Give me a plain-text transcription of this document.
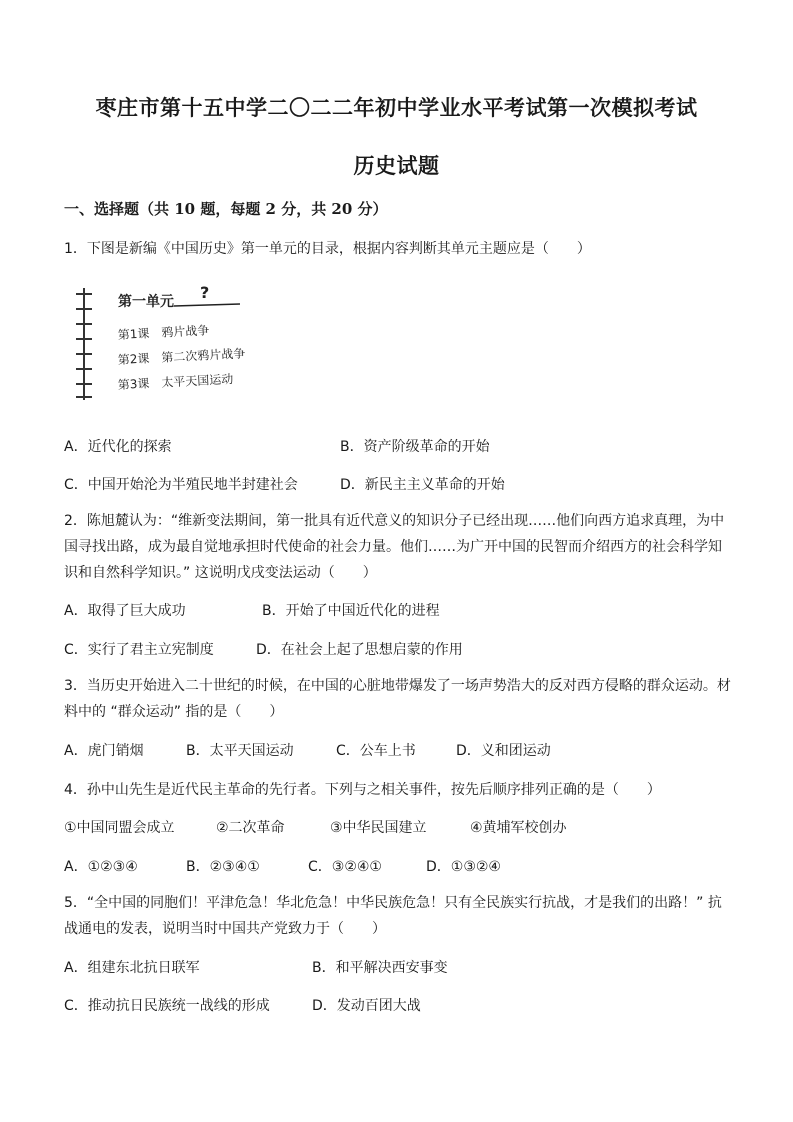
枣庄市第十五中学二〇二二年初中学业水平考试第一次模拟考试
历史试题
一、选择题（共 10 题，每题 2 分，共 20 分）
1．下图是新编《中国历史》第一单元的目录，根据内容判断其单元主题应是（　　）
第一单元 ?
第1课　鸦片战争
第2课　第二次鸦片战争
第3课　太平天国运动
A．近代化的探索	B．资产阶级革命的开始
C．中国开始沦为半殖民地半封建社会	D．新民主主义革命的开始
2．陈旭麓认为：“维新变法期间，第一批具有近代意义的知识分子已经出现……他们向西方追求真理，为中国寻找出路，成为最自觉地承担时代使命的社会力量。他们……为广开中国的民智而介绍西方的社会科学知识和自然科学知识。” 这说明戊戌变法运动（　　）
A．取得了巨大成功	B．开始了中国近代化的进程
C．实行了君主立宪制度	D．在社会上起了思想启蒙的作用
3．当历史开始进入二十世纪的时候，在中国的心脏地带爆发了一场声势浩大的反对西方侵略的群众运动。材料中的 “群众运动” 指的是（　　）
A．虎门销烟	B．太平天国运动	C．公车上书	D．义和团运动
4．孙中山先生是近代民主革命的先行者。下列与之相关事件，按先后顺序排列正确的是（　　）
①中国同盟会成立	②二次革命	③中华民国建立	④黄埔军校创办
A．①②③④	B．②③④①	C．③②④①	D．①③②④
5．“全中国的同胞们！平津危急！华北危急！中华民族危急！只有全民族实行抗战，才是我们的出路！” 抗战通电的发表，说明当时中国共产党致力于（　　）
A．组建东北抗日联军	B．和平解决西安事变
C．推动抗日民族统一战线的形成	D．发动百团大战
